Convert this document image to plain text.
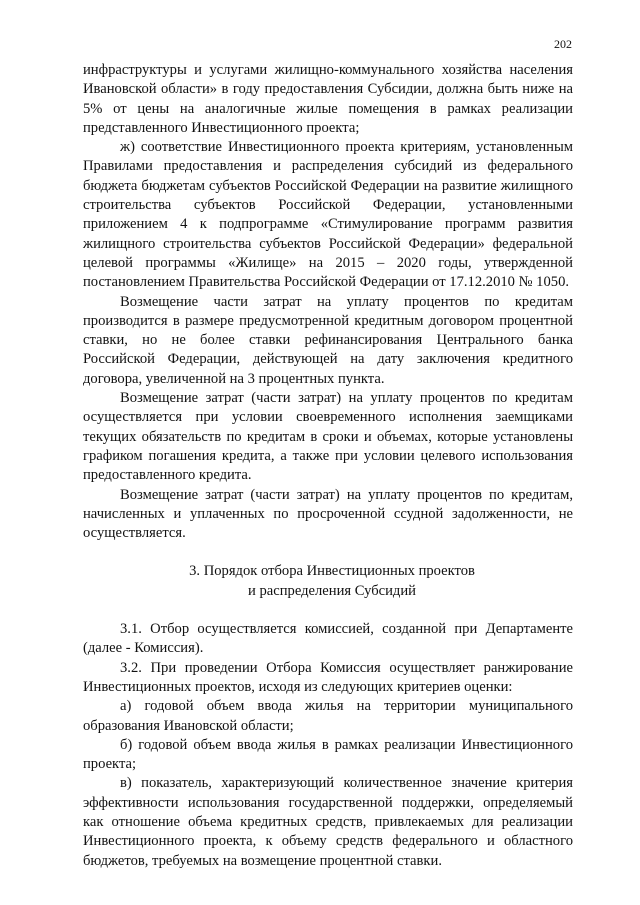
202

инфраструктуры и услугами жилищно-коммунального хозяйства населения Ивановской области» в году предоставления Субсидии, должна быть ниже на 5% от цены на аналогичные жилые помещения в рамках реализации представленного Инвестиционного проекта;

ж) соответствие Инвестиционного проекта критериям, установленным Правилами предоставления и распределения субсидий из федерального бюджета бюджетам субъектов Российской Федерации на развитие жилищного строительства субъектов Российской Федерации, установленными приложением 4 к подпрограмме «Стимулирование программ развития жилищного строительства субъектов Российской Федерации» федеральной целевой программы «Жилище» на 2015 – 2020 годы, утвержденной постановлением Правительства Российской Федерации от 17.12.2010 № 1050.

Возмещение части затрат на уплату процентов по кредитам производится в размере предусмотренной кредитным договором процентной ставки, но не более ставки рефинансирования Центрального банка Российской Федерации, действующей на дату заключения кредитного договора, увеличенной на 3 процентных пункта.

Возмещение затрат (части затрат) на уплату процентов по кредитам осуществляется при условии своевременного исполнения заемщиками текущих обязательств по кредитам в сроки и объемах, которые установлены графиком погашения кредита, а также при условии целевого использования предоставленного кредита.

Возмещение затрат (части затрат) на уплату процентов по кредитам, начисленных и уплаченных по просроченной ссудной задолженности, не осуществляется.

3. Порядок отбора Инвестиционных проектов
и распределения Субсидий

3.1. Отбор осуществляется комиссией, созданной при Департаменте (далее - Комиссия).

3.2. При проведении Отбора Комиссия осуществляет ранжирование Инвестиционных проектов, исходя из следующих критериев оценки:

а) годовой объем ввода жилья на территории муниципального образования Ивановской области;

б) годовой объем ввода жилья в рамках реализации Инвестиционного проекта;

в) показатель, характеризующий количественное значение критерия эффективности использования государственной поддержки, определяемый как отношение объема кредитных средств, привлекаемых для реализации Инвестиционного проекта, к объему средств федерального и областного бюджетов, требуемых на возмещение процентной ставки.
